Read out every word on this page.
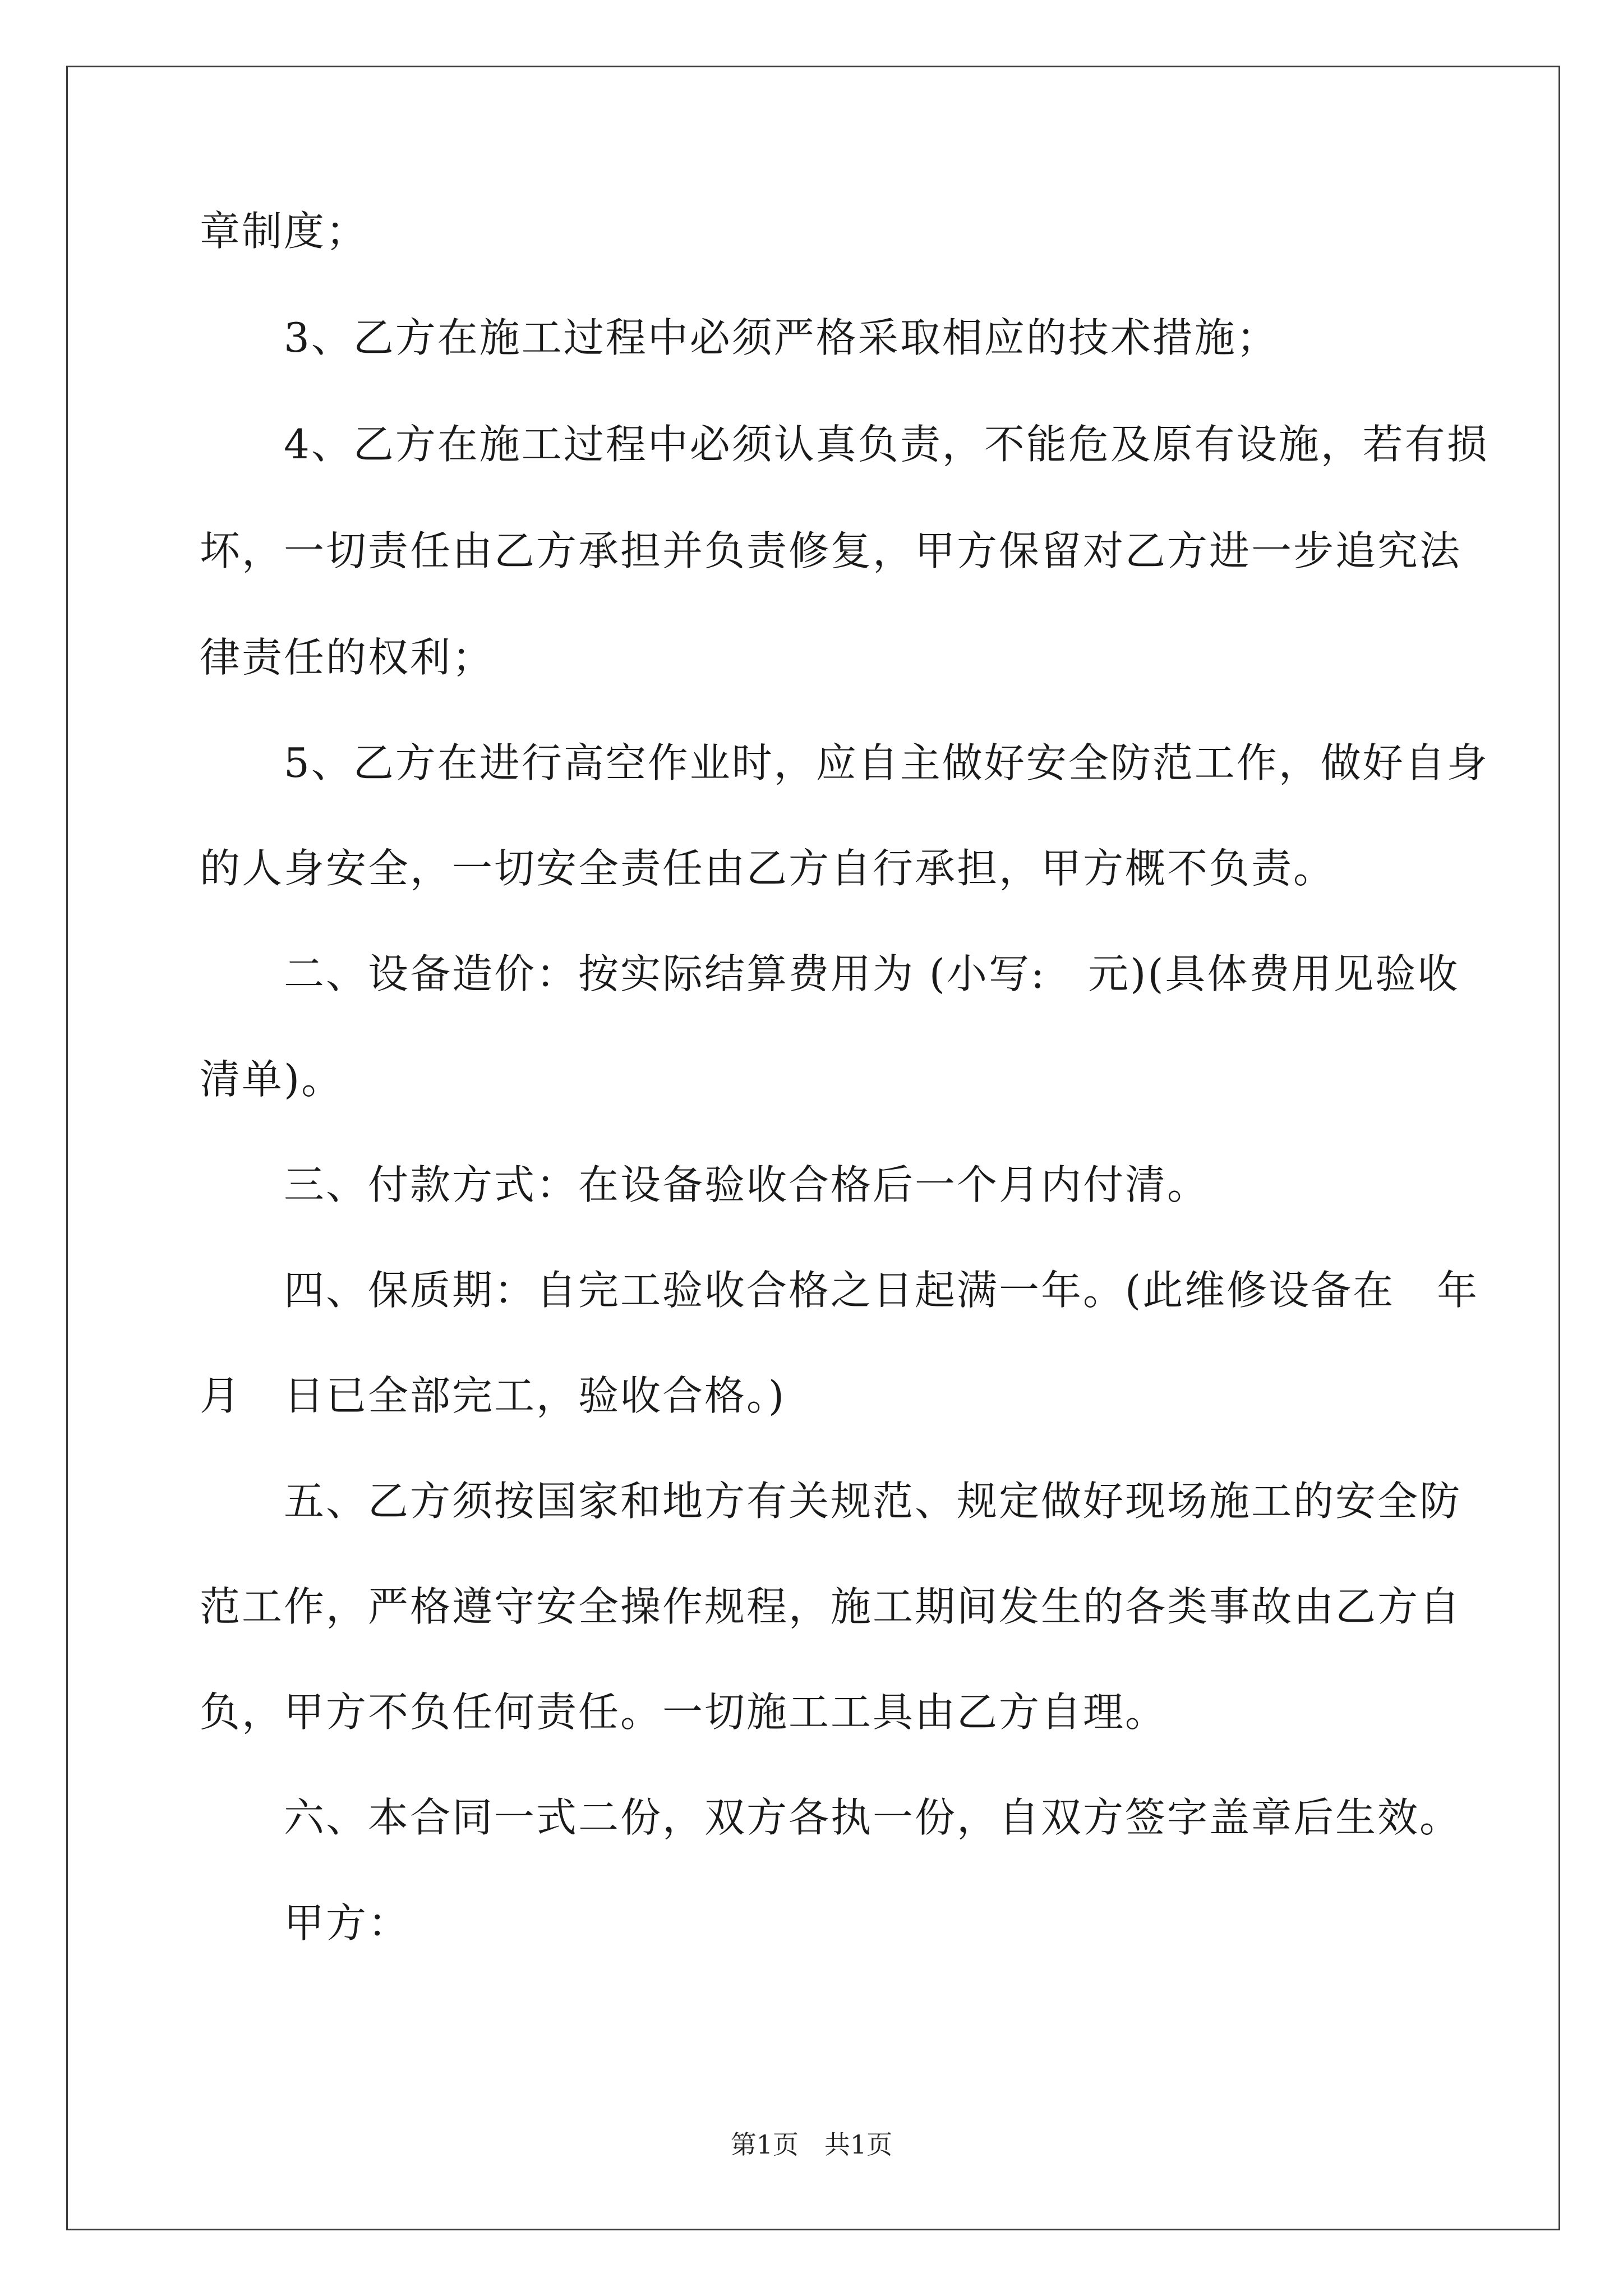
章制度；
　　3、乙方在施工过程中必须严格采取相应的技术措施；
　　4、乙方在施工过程中必须认真负责，不能危及原有设施，若有损
坏，一切责任由乙方承担并负责修复，甲方保留对乙方进一步追究法
律责任的权利；
　　5、乙方在进行高空作业时，应自主做好安全防范工作，做好自身
的人身安全，一切安全责任由乙方自行承担，甲方概不负责。
　　二、设备造价：按实际结算费用为 (小写:　元)(具体费用见验收
清单)。
　　三、付款方式：在设备验收合格后一个月内付清。
　　四、保质期：自完工验收合格之日起满一年。(此维修设备在　年
月　日已全部完工，验收合格。)
　　五、乙方须按国家和地方有关规范、规定做好现场施工的安全防
范工作，严格遵守安全操作规程，施工期间发生的各类事故由乙方自
负，甲方不负任何责任。一切施工工具由乙方自理。
　　六、本合同一式二份，双方各执一份，自双方签字盖章后生效。
　　甲方：
第1页　共1页
